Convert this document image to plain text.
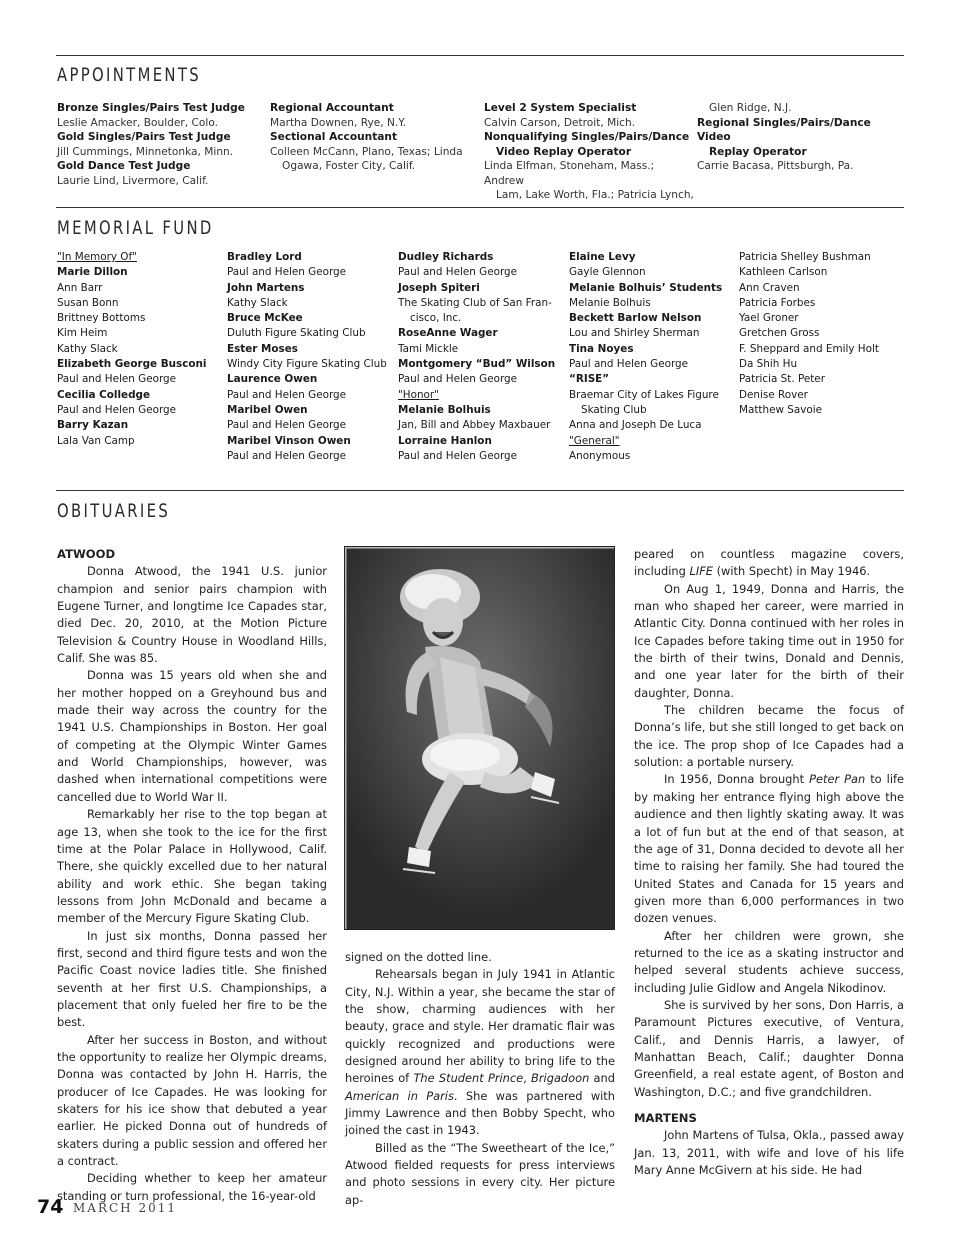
APPOINTMENTS
Bronze Singles/Pairs Test Judge
Leslie Amacker, Boulder, Colo.
Gold Singles/Pairs Test Judge
Jill Cummings, Minnetonka, Minn.
Gold Dance Test Judge
Laurie Lind, Livermore, Calif.
Regional Accountant
Martha Downen, Rye, N.Y.
Sectional Accountant
Colleen McCann, Plano, Texas; Linda
Ogawa, Foster City, Calif.
Level 2 System Specialist
Calvin Carson, Detroit, Mich.
Nonqualifying Singles/Pairs/Dance
Video Replay Operator
Linda Elfman, Stoneham, Mass.; Andrew
Lam, Lake Worth, Fla.; Patricia Lynch,
Glen Ridge, N.J.
Regional Singles/Pairs/Dance Video
Replay Operator
Carrie Bacasa, Pittsburgh, Pa.
MEMORIAL FUND
"In Memory Of"
Marie Dillon
Ann Barr
Susan Bonn
Brittney Bottoms
Kim Heim
Kathy Slack
Elizabeth George Busconi
Paul and Helen George
Cecilia Colledge
Paul and Helen George
Barry Kazan
Lala Van Camp
Bradley Lord
Paul and Helen George
John Martens
Kathy Slack
Bruce McKee
Duluth Figure Skating Club
Ester Moses
Windy City Figure Skating Club
Laurence Owen
Paul and Helen George
Maribel Owen
Paul and Helen George
Maribel Vinson Owen
Paul and Helen George
Dudley Richards
Paul and Helen George
Joseph Spiteri
The Skating Club of San Fran-
cisco, Inc.
RoseAnne Wager
Tami Mickle
Montgomery “Bud” Wilson
Paul and Helen George
"Honor"
Melanie Bolhuis
Jan, Bill and Abbey Maxbauer
Lorraine Hanlon
Paul and Helen George
Elaine Levy
Gayle Glennon
Melanie Bolhuis’ Students
Melanie Bolhuis
Beckett Barlow Nelson
Lou and Shirley Sherman
Tina Noyes
Paul and Helen George
“RISE”
Braemar City of Lakes Figure
Skating Club
Anna and Joseph De Luca
"General"
Anonymous
Patricia Shelley Bushman
Kathleen Carlson
Ann Craven
Patricia Forbes
Yael Groner
Gretchen Gross
F. Sheppard and Emily Holt
Da Shih Hu
Patricia St. Peter
Denise Rover
Matthew Savoie
OBITUARIES

ATWOOD

Donna Atwood, the 1941 U.S. junior champion and senior pairs champion with Eugene Turner, and longtime Ice Capades star, died Dec. 20, 2010, at the Motion Picture Television & Country House in Woodland Hills, Calif. She was 85.

Donna was 15 years old when she and her mother hopped on a Greyhound bus and made their way across the country for the 1941 U.S. Championships in Boston. Her goal of competing at the Olympic Winter Games and World Championships, however, was dashed when international competitions were cancelled due to World War II.

Remarkably her rise to the top began at age 13, when she took to the ice for the first time at the Polar Palace in Hollywood, Calif. There, she quickly excelled due to her natural ability and work ethic. She began taking lessons from John McDonald and became a member of the Mercury Figure Skating Club.

In just six months, Donna passed her first, second and third figure tests and won the Pacific Coast novice ladies title. She finished seventh at her first U.S. Championships, a placement that only fueled her fire to be the best.

After her success in Boston, and without the opportunity to realize her Olympic dreams, Donna was contacted by John H. Harris, the producer of Ice Capades. He was looking for skaters for his ice show that debuted a year earlier. He picked Donna out of hundreds of skaters during a public session and offered her a contract.

Deciding whether to keep her amateur standing or turn professional, the 16-year-old

signed on the dotted line.

Rehearsals began in July 1941 in Atlantic City, N.J. Within a year, she became the star of the show, charming audiences with her beauty, grace and style. Her dramatic flair was quickly recognized and productions were designed around her ability to bring life to the heroines of The Student Prince, Brigadoon and American in Paris. She was partnered with Jimmy Lawrence and then Bobby Specht, who joined the cast in 1943.

Billed as the “The Sweetheart of the Ice,” Atwood fielded requests for press interviews and photo sessions in every city. Her picture ap-

peared on countless magazine covers, including LIFE (with Specht) in May 1946.

On Aug 1, 1949, Donna and Harris, the man who shaped her career, were married in Atlantic City. Donna continued with her roles in Ice Capades before taking time out in 1950 for the birth of their twins, Donald and Dennis, and one year later for the birth of their daughter, Donna.

The children became the focus of Donna’s life, but she still longed to get back on the ice. The prop shop of Ice Capades had a solution: a portable nursery.

In 1956, Donna brought Peter Pan to life by making her entrance flying high above the audience and then lightly skating away. It was a lot of fun but at the end of that season, at the age of 31, Donna decided to devote all her time to raising her family. She had toured the United States and Canada for 15 years and given more than 6,000 performances in two dozen venues.

After her children were grown, she returned to the ice as a skating instructor and helped several students achieve success, including Julie Gidlow and Angela Nikodinov.

She is survived by her sons, Don Harris, a Paramount Pictures executive, of Ventura, Calif., and Dennis Harris, a lawyer, of Manhattan Beach, Calif.; daughter Donna Greenfield, a real estate agent, of Boston and Washington, D.C.; and five grandchildren.

MARTENS

John Martens of Tulsa, Okla., passed away Jan. 13, 2011, with wife and love of his life Mary Anne McGivern at his side. He had

74 MARCH 2011
